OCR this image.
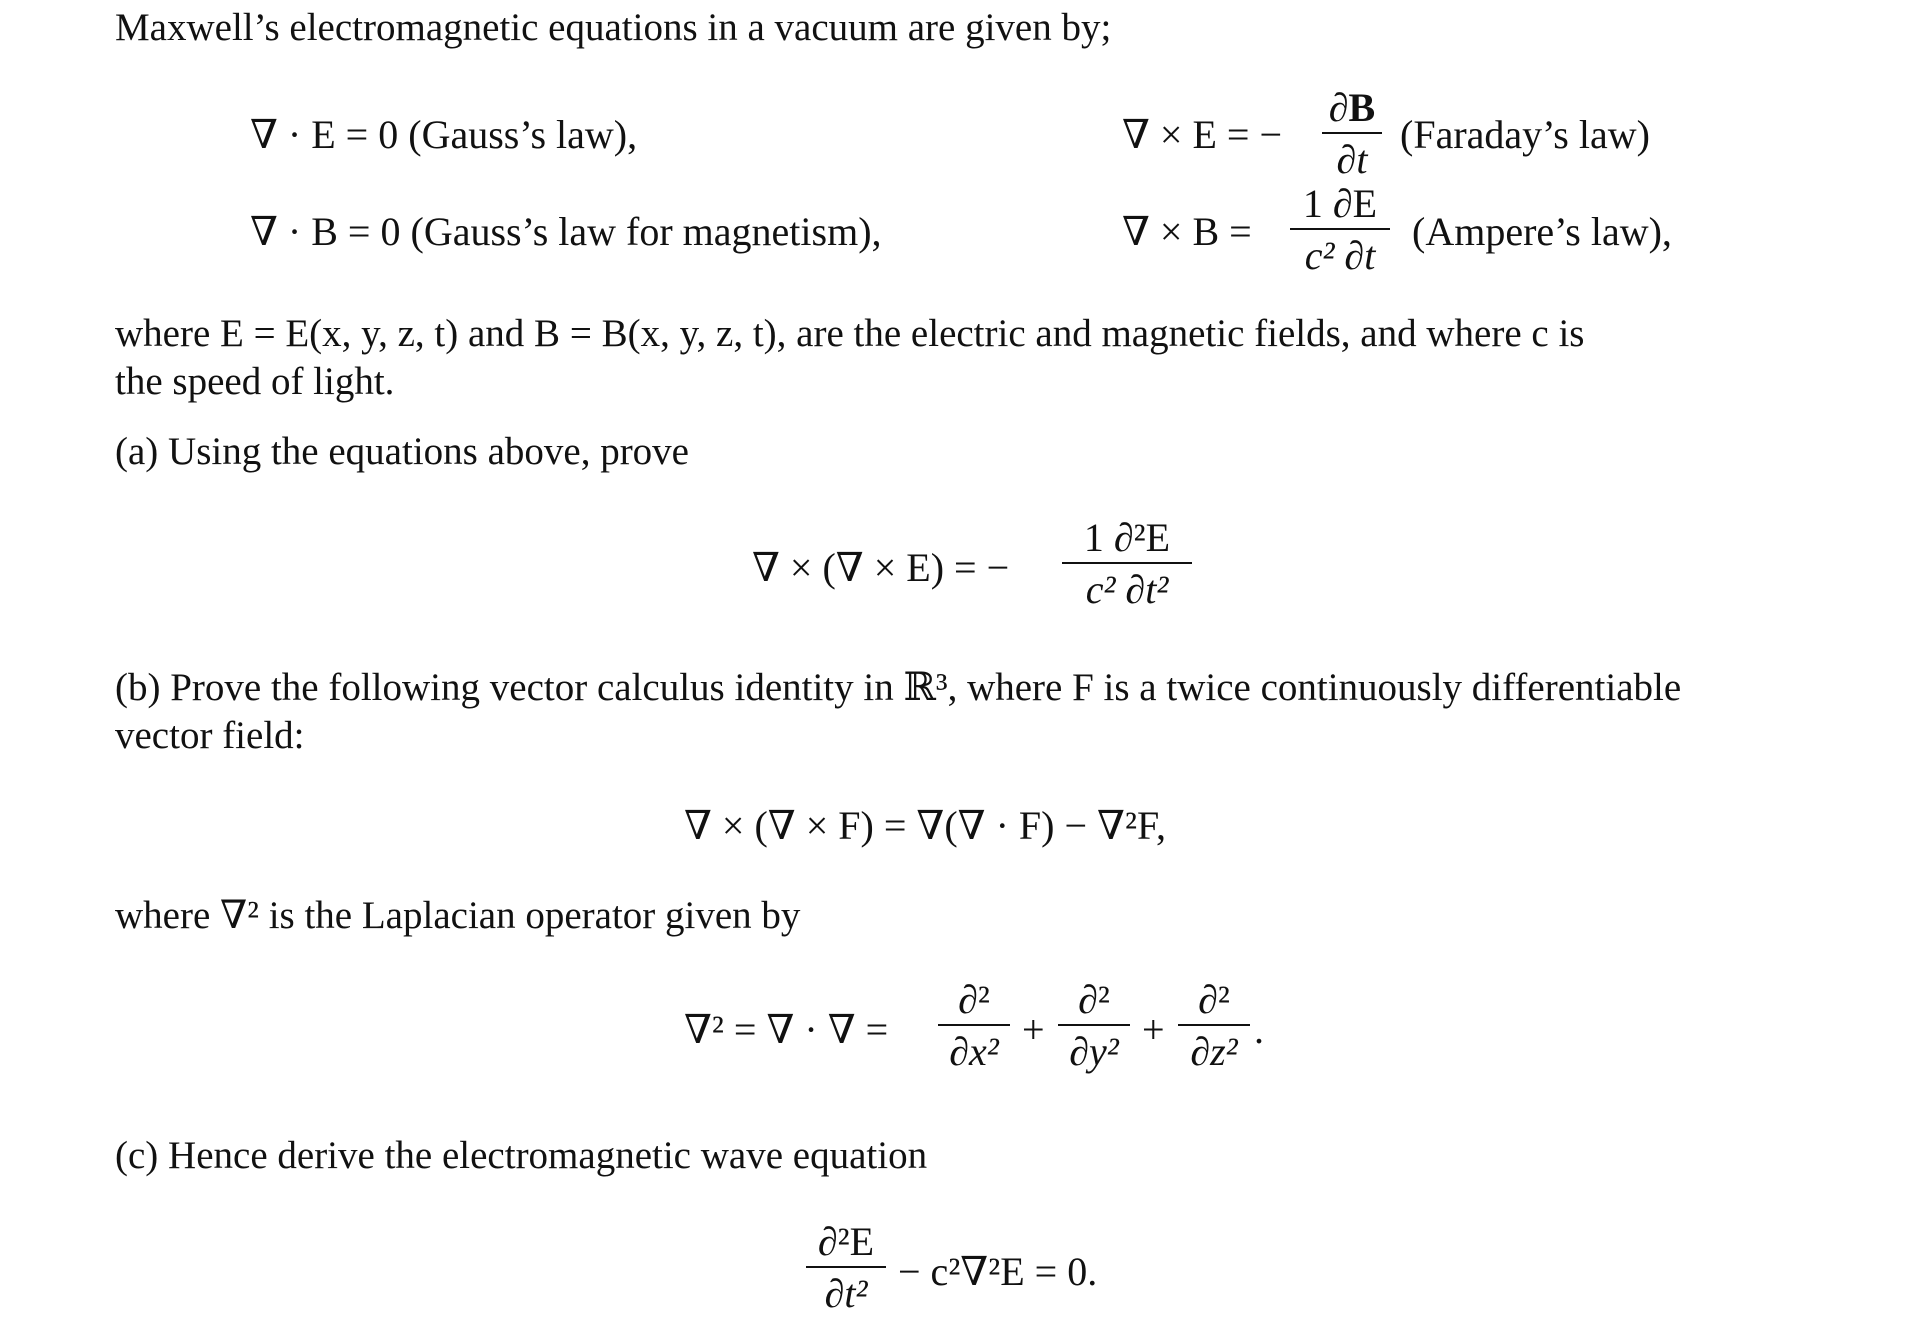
Maxwell’s electromagnetic equations in a vacuum are given by;
∇ · E = 0 (Gauss’s law),
∇ · B = 0 (Gauss’s law for magnetism),
∇ × E = −
∂B
∂t
(Faraday’s law)
∇ × B =
1 ∂E
c² ∂t
(Ampere’s law),
where E = E(x, y, z, t) and B = B(x, y, z, t), are the electric and magnetic fields, and where c is
the speed of light.
(a) Using the equations above, prove
∇ × (∇ × E) = −
1 ∂²E
c² ∂t²
(b) Prove the following vector calculus identity in ℝ³, where F is a twice continuously differentiable
vector field:
∇ × (∇ × F) = ∇(∇ · F) − ∇²F,
where ∇² is the Laplacian operator given by
∇² = ∇ · ∇ =
∂²
∂x² +
∂²
∂y² +
∂²
∂z² .
(c) Hence derive the electromagnetic wave equation
∂²E
∂t² − c²∇²E = 0.
